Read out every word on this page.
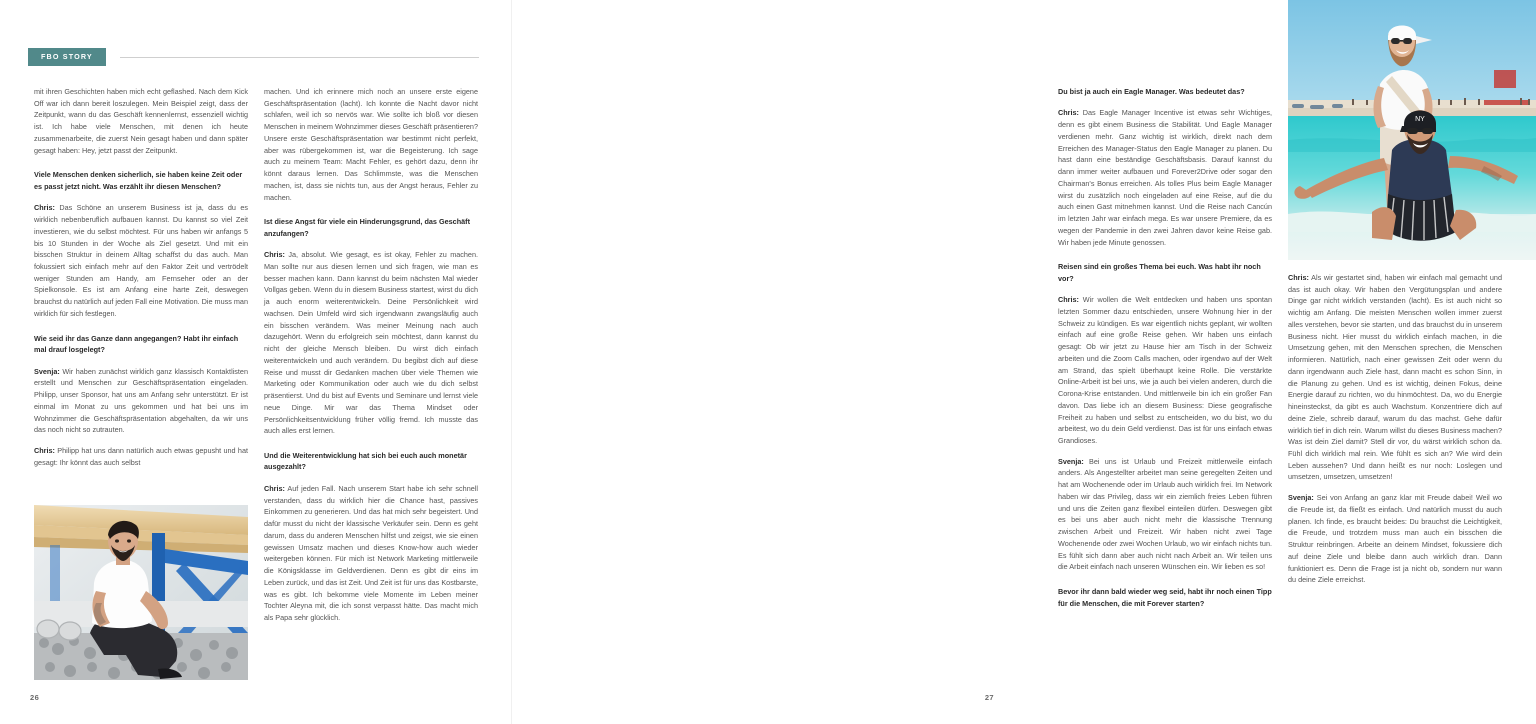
FBO STORY

mit ihren Geschichten haben mich echt geflashed. Nach dem Kick Off war ich dann bereit loszulegen. Mein Beispiel zeigt, dass der Zeitpunkt, wann du das Geschäft kennenlernst, essenziell wichtig ist. Ich habe viele Menschen, mit denen ich heute zusammenarbeite, die zuerst Nein gesagt haben und dann später gesagt haben: Hey, jetzt passt der Zeitpunkt.

Viele Menschen denken sicherlich, sie haben keine Zeit oder es passt jetzt nicht. Was erzählt ihr diesen Menschen?

Chris: Das Schöne an unserem Business ist ja, dass du es wirklich nebenberuflich aufbauen kannst. Du kannst so viel Zeit investieren, wie du selbst möchtest. Für uns haben wir anfangs 5 bis 10 Stunden in der Woche als Ziel gesetzt. Und mit ein bisschen Struktur in deinem Alltag schaffst du das auch. Man fokussiert sich einfach mehr auf den Faktor Zeit und vertrödelt weniger Stunden am Handy, am Fernseher oder an der Spielkonsole. Es ist am Anfang eine harte Zeit, deswegen brauchst du natürlich auf jeden Fall eine Motivation. Die muss man wirklich für sich festlegen.

Wie seid ihr das Ganze dann angegangen? Habt ihr einfach mal drauf losgelegt?

Svenja: Wir haben zunächst wirklich ganz klassisch Kontaktlisten erstellt und Menschen zur Geschäftspräsentation eingeladen. Philipp, unser Sponsor, hat uns am Anfang sehr unterstützt. Er ist einmal im Monat zu uns gekommen und hat bei uns im Wohnzimmer die Geschäftspräsentation abgehalten, da wir uns das noch nicht so zutrauten.

Chris: Philipp hat uns dann natürlich auch etwas gepusht und hat gesagt: Ihr könnt das auch selbst

machen. Und ich erinnere mich noch an unsere erste eigene Geschäftspräsentation (lacht). Ich konnte die Nacht davor nicht schlafen, weil ich so nervös war. Wie sollte ich bloß vor diesen Menschen in meinem Wohnzimmer dieses Geschäft präsentieren? Unsere erste Geschäftspräsentation war bestimmt nicht perfekt, aber was rübergekommen ist, war die Begeisterung. Ich sage auch zu meinem Team: Macht Fehler, es gehört dazu, denn ihr könnt daraus lernen. Das Schlimmste, was die Menschen machen, ist, dass sie nichts tun, aus der Angst heraus, Fehler zu machen.

Ist diese Angst für viele ein Hinderungsgrund, das Geschäft anzufangen?

Chris: Ja, absolut. Wie gesagt, es ist okay, Fehler zu machen. Man sollte nur aus diesen lernen und sich fragen, wie man es besser machen kann. Dann kannst du beim nächsten Mal wieder Vollgas geben. Wenn du in diesem Business startest, wirst du dich ja auch enorm weiterentwickeln. Deine Persönlichkeit wird wachsen. Dein Umfeld wird sich irgendwann zwangsläufig auch ein bisschen verändern. Was meiner Meinung nach auch dazugehört. Wenn du erfolgreich sein möchtest, dann kannst du nicht der gleiche Mensch bleiben. Du wirst dich einfach weiterentwickeln und auch verändern. Du begibst dich auf diese Reise und musst dir Gedanken machen über viele Themen wie Marketing oder Kommunikation oder auch wie du dich selbst präsentierst. Und du bist auf Events und Seminare und lernst viele neue Dinge. Mir war das Thema Mindset oder Persönlichkeitsentwicklung früher völlig fremd. Ich musste das auch alles erst lernen.

Und die Weiterentwicklung hat sich bei euch auch monetär ausgezahlt?

Chris: Auf jeden Fall. Nach unserem Start habe ich sehr schnell verstanden, dass du wirklich hier die Chance hast, passives Einkommen zu generieren. Und das hat mich sehr begeistert. Und dafür musst du nicht der klassische Verkäufer sein. Denn es geht darum, dass du anderen Menschen hilfst und zeigst, wie sie einen gewissen Umsatz machen und dieses Know-how auch wieder weitergeben können. Für mich ist Network Marketing mittlerweile die Königsklasse im Geldverdienen. Denn es gibt dir eins im Leben zurück, und das ist Zeit. Und Zeit ist für uns das Kostbarste, was es gibt. Ich bekomme viele Momente im Leben meiner Tochter Aleyna mit, die ich sonst verpasst hätte. Das macht mich als Papa sehr glücklich.

26
NY

Du bist ja auch ein Eagle Manager. Was bedeutet das?

Chris: Das Eagle Manager Incentive ist etwas sehr Wichtiges, denn es gibt einem Business die Stabilität. Und Eagle Manager verdienen mehr. Ganz wichtig ist wirklich, direkt nach dem Erreichen des Manager-Status den Eagle Manager zu planen. Du hast dann eine beständige Geschäftsbasis. Darauf kannst du dann immer weiter aufbauen und Forever2Drive oder sogar den Chairman's Bonus erreichen. Als tolles Plus beim Eagle Manager wirst du zusätzlich noch eingeladen auf eine Reise, auf die du auch einen Gast mitnehmen kannst. Und die Reise nach Cancún im letzten Jahr war einfach mega. Es war unsere Premiere, da es wegen der Pandemie in den zwei Jahren davor keine Reise gab. Wir haben jede Minute genossen.

Reisen sind ein großes Thema bei euch. Was habt ihr noch vor?

Chris: Wir wollen die Welt entdecken und haben uns spontan letzten Sommer dazu entschieden, unsere Wohnung hier in der Schweiz zu kündigen. Es war eigentlich nichts geplant, wir wollten einfach auf eine große Reise gehen. Wir haben uns einfach gesagt: Ob wir jetzt zu Hause hier am Tisch in der Schweiz arbeiten und die Zoom Calls machen, oder irgendwo auf der Welt am Strand, das spielt überhaupt keine Rolle. Die verstärkte Online-Arbeit ist bei uns, wie ja auch bei vielen anderen, durch die Corona-Krise entstanden. Und mittlerweile bin ich ein großer Fan davon. Das liebe ich an diesem Business: Diese geografische Freiheit zu haben und selbst zu entscheiden, wo du bist, wo du arbeitest, wo du dein Geld verdienst. Das ist für uns einfach etwas Grandioses.

Svenja: Bei uns ist Urlaub und Freizeit mittlerweile einfach anders. Als Angestellter arbeitet man seine geregelten Zeiten und hat am Wochenende oder im Urlaub auch wirklich frei. Im Network haben wir das Privileg, dass wir ein ziemlich freies Leben führen und uns die Zeiten ganz flexibel einteilen dürfen. Deswegen gibt es bei uns aber auch nicht mehr die klassische Trennung zwischen Arbeit und Freizeit. Wir haben nicht zwei Tage Wochenende oder zwei Wochen Urlaub, wo wir einfach nichts tun. Es fühlt sich dann aber auch nicht nach Arbeit an. Wir teilen uns die Arbeit einfach nach unseren Wünschen ein. Wir lieben es so!

Bevor ihr dann bald wieder weg seid, habt ihr noch einen Tipp für die Menschen, die mit Forever starten?

Chris: Als wir gestartet sind, haben wir einfach mal gemacht und das ist auch okay. Wir haben den Vergütungsplan und andere Dinge gar nicht wirklich verstanden (lacht). Es ist auch nicht so wichtig am Anfang. Die meisten Menschen wollen immer zuerst alles verstehen, bevor sie starten, und das brauchst du in unserem Business nicht. Hier musst du wirklich einfach machen, in die Umsetzung gehen, mit den Menschen sprechen, die Menschen informieren. Natürlich, nach einer gewissen Zeit oder wenn du dann irgendwann auch Ziele hast, dann macht es schon Sinn, in die Planung zu gehen. Und es ist wichtig, deinen Fokus, deine Energie darauf zu richten, wo du hinmöchtest. Da, wo du Energie hineinsteckst, da gibt es auch Wachstum. Konzentriere dich auf deine Ziele, schreib darauf, warum du das machst. Gehe dafür wirklich tief in dich rein. Warum willst du dieses Business machen? Was ist dein Ziel damit? Stell dir vor, du wärst wirklich schon da. Fühl dich wirklich mal rein. Wie fühlt es sich an? Wie wird dein Leben aussehen? Und dann heißt es nur noch: Loslegen und umsetzen, umsetzen, umsetzen!

Svenja: Sei von Anfang an ganz klar mit Freude dabei! Weil wo die Freude ist, da fließt es einfach. Und natürlich musst du auch planen. Ich finde, es braucht beides: Du brauchst die Leichtigkeit, die Freude, und trotzdem muss man auch ein bisschen die Struktur reinbringen. Arbeite an deinem Mindset, fokussiere dich auf deine Ziele und bleibe dann auch wirklich dran. Dann funktioniert es. Denn die Frage ist ja nicht ob, sondern nur wann du deine Ziele erreichst.

27
